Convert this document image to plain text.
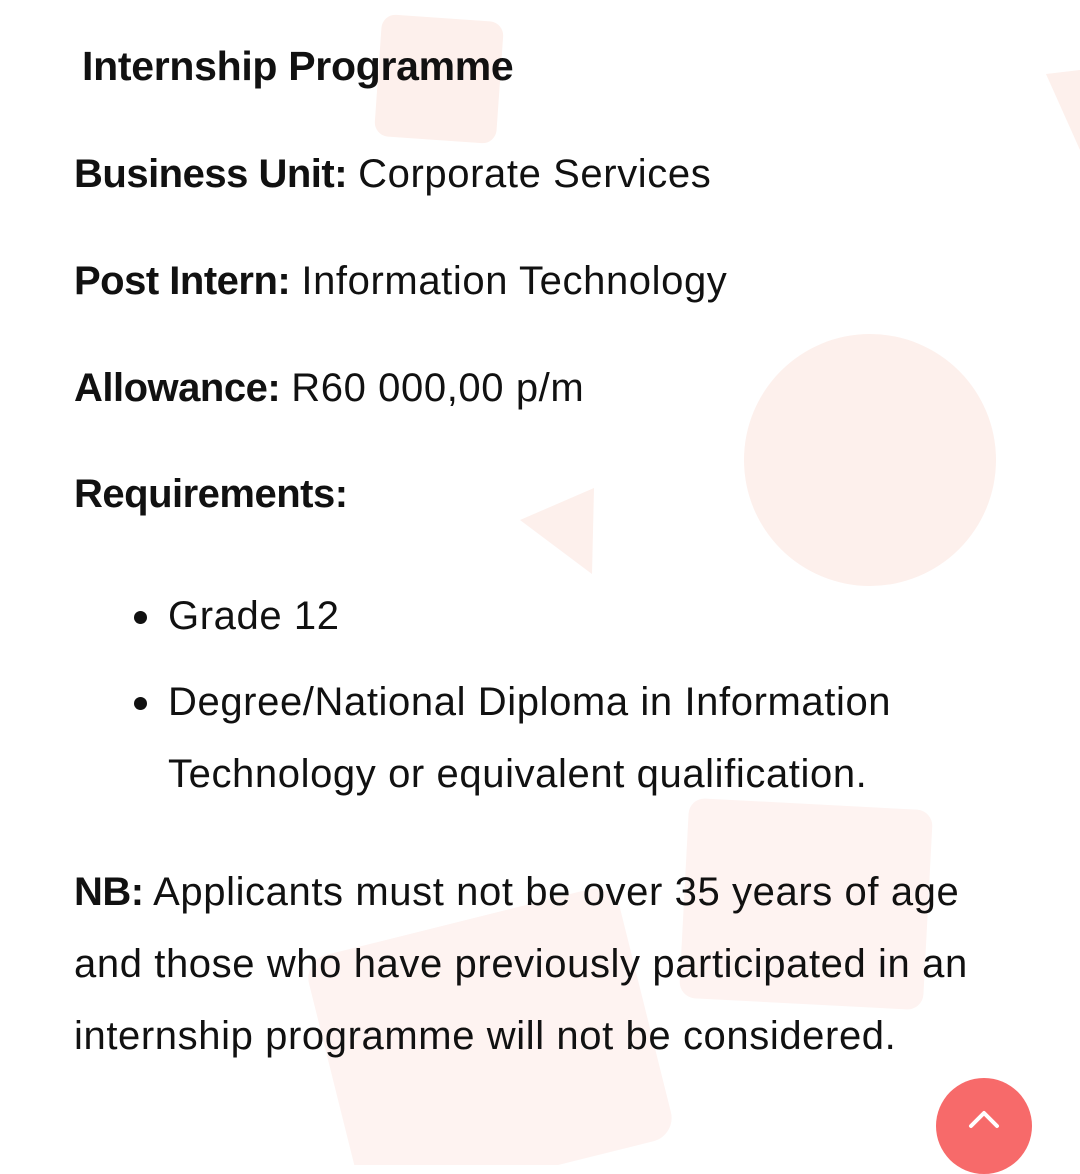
Internship Programme

Business Unit: Corporate Services

Post Intern: Information Technology

Allowance: R60 000,00 p/m

Requirements:
Grade 12
Degree/National Diploma in Information Technology or equivalent qualification.

NB: Applicants must not be over 35 years of age and those who have previously participated in an internship programme will not be considered.
